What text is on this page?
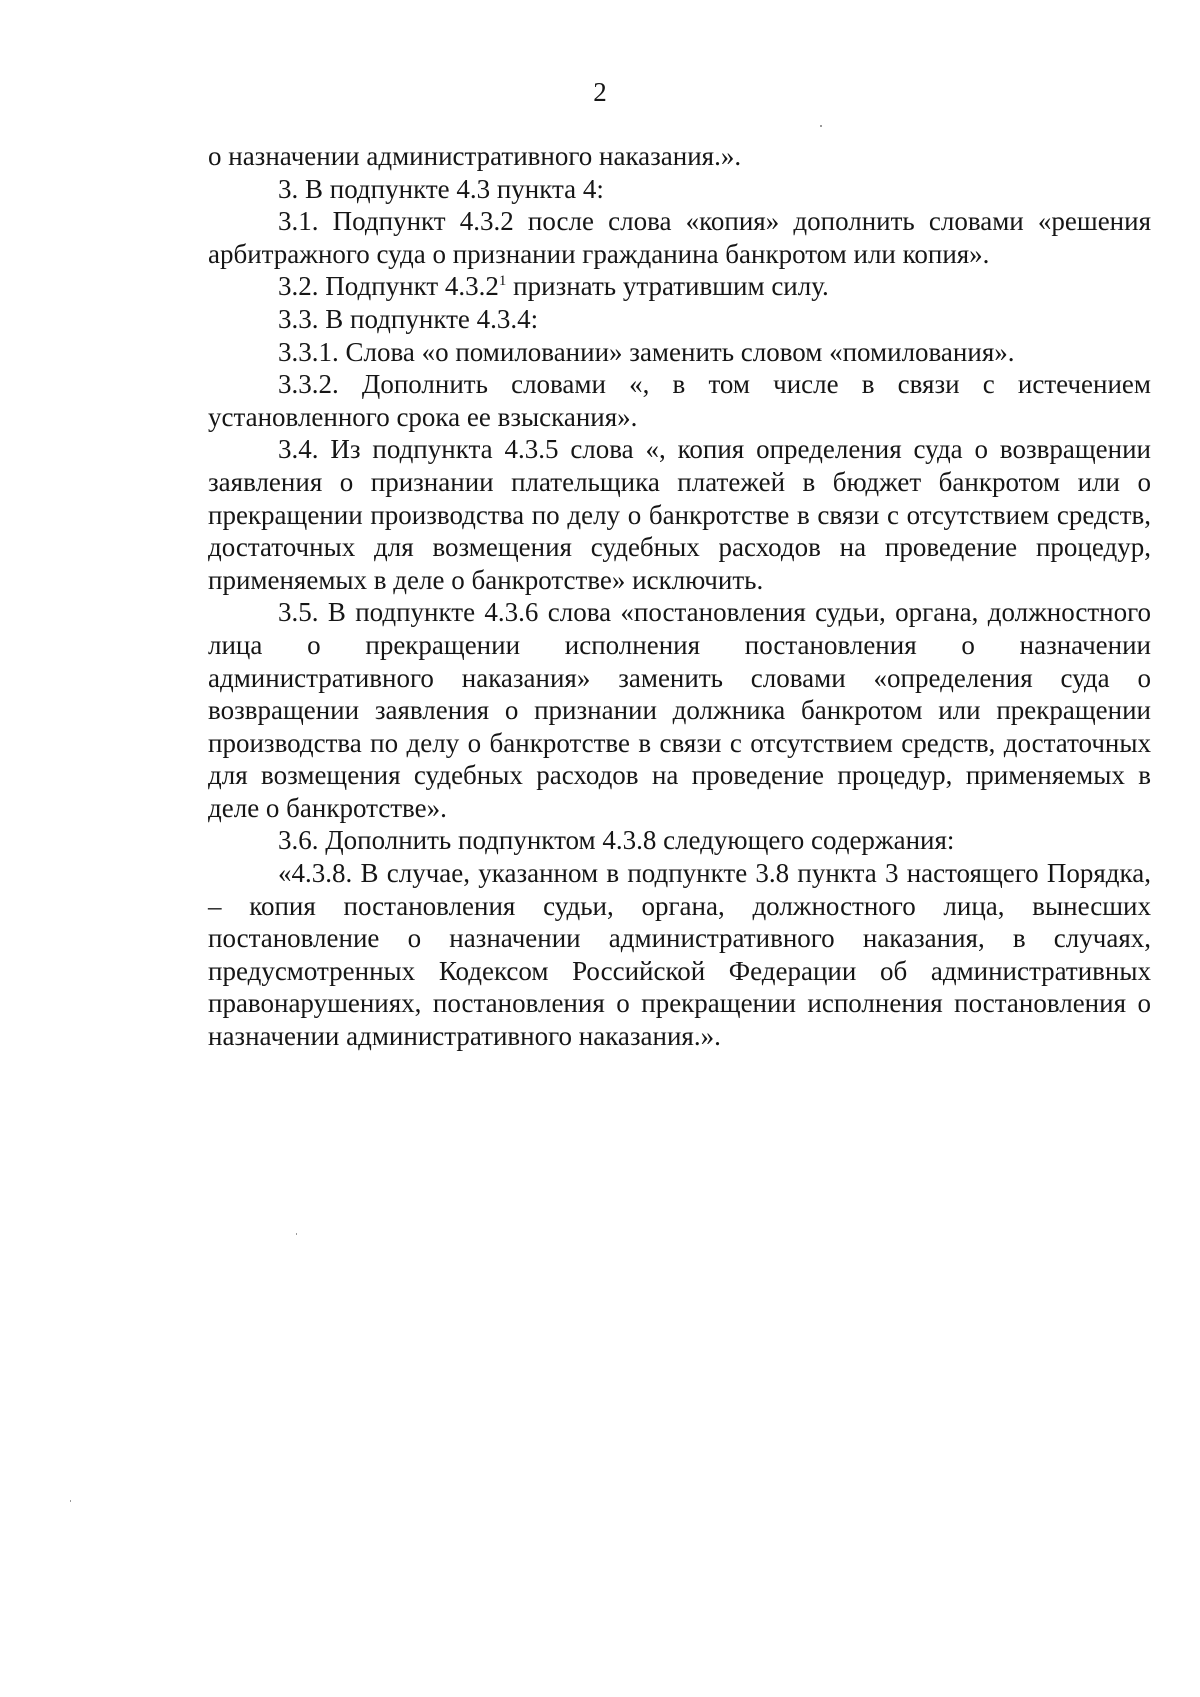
2

о назначении административного наказания.».

3. В подпункте 4.3 пункта 4:

3.1. Подпункт 4.3.2 после слова «копия» дополнить словами «решения арбитражного суда о признании гражданина банкротом или копия».

3.2. Подпункт 4.3.2$^1$ признать утратившим силу.

3.3. В подпункте 4.3.4:

3.3.1. Слова «о помиловании» заменить словом «помилования».

3.3.2. Дополнить словами «, в том числе в связи с истечением установленного срока ее взыскания».

3.4. Из подпункта 4.3.5 слова «, копия определения суда о возвращении заявления о признании плательщика платежей в бюджет банкротом или о прекращении производства по делу о банкротстве в связи с отсутствием средств, достаточных для возмещения судебных расходов на проведение процедур, применяемых в деле о банкротстве» исключить.

3.5. В подпункте 4.3.6 слова «постановления судьи, органа, должностного лица о прекращении исполнения постановления о назначении административного наказания» заменить словами «определения суда о возвращении заявления о признании должника банкротом или прекращении производства по делу о банкротстве в связи с отсутствием средств, достаточных для возмещения судебных расходов на проведение процедур, применяемых в деле о банкротстве».

3.6. Дополнить подпунктом 4.3.8 следующего содержания:

«4.3.8. В случае, указанном в подпункте 3.8 пункта 3 настоящего Порядка, – копия постановления судьи, органа, должностного лица, вынесших постановление о назначении административного наказания, в случаях, предусмотренных Кодексом Российской Федерации об административных правонарушениях, постановления о прекращении исполнения постановления о назначении административного наказания.».
